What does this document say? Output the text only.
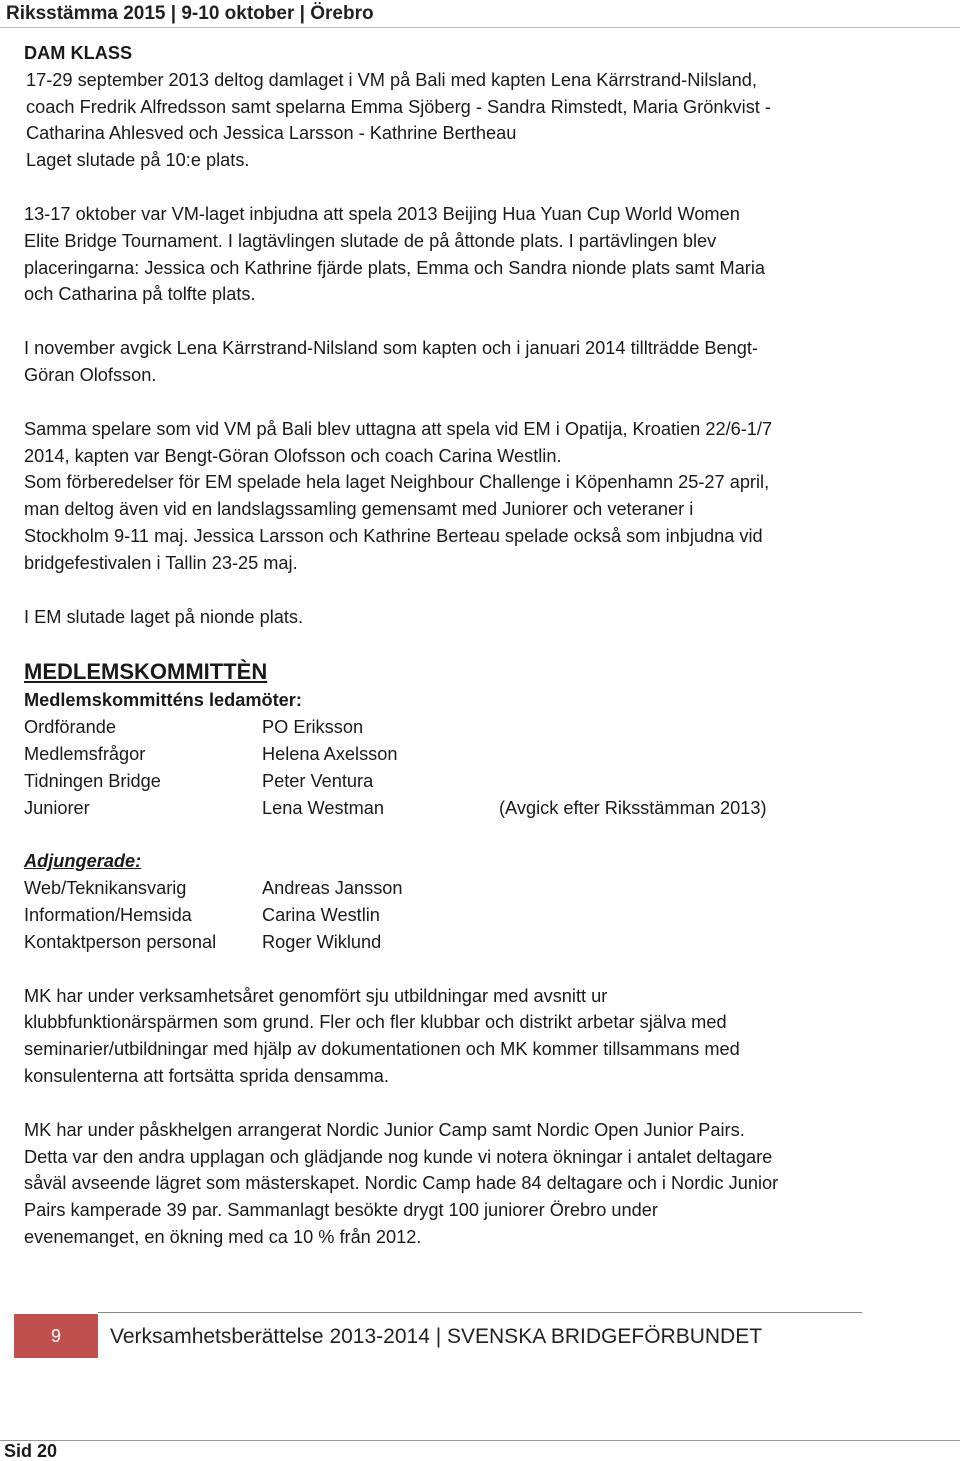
Riksstämma 2015 | 9-10 oktober | Örebro

DAM KLASS

17-29 september 2013 deltog damlaget i VM på Bali med kapten Lena Kärrstrand-Nilsland,

coach Fredrik Alfredsson samt spelarna Emma Sjöberg - Sandra Rimstedt, Maria Grönkvist -

Catharina Ahlesved och Jessica Larsson - Kathrine Bertheau

Laget slutade på 10:e plats.

13-17 oktober var VM-laget inbjudna att spela 2013 Beijing Hua Yuan Cup World Women

Elite Bridge Tournament. I lagtävlingen slutade de på åttonde plats. I partävlingen blev

placeringarna: Jessica och Kathrine fjärde plats, Emma och Sandra nionde plats samt Maria

och Catharina på tolfte plats.

I november avgick Lena Kärrstrand-Nilsland som kapten och i januari 2014 tillträdde Bengt-

Göran Olofsson.

Samma spelare som vid VM på Bali blev uttagna att spela vid EM i Opatija, Kroatien 22/6-1/7

2014, kapten var Bengt-Göran Olofsson och coach Carina Westlin.

Som förberedelser för EM spelade hela laget Neighbour Challenge i Köpenhamn 25-27 april,

man deltog även vid en landslagssamling gemensamt med Juniorer och veteraner i

Stockholm 9-11 maj. Jessica Larsson och Kathrine Berteau spelade också som inbjudna vid

bridgefestivalen i Tallin 23-25 maj.

I EM slutade laget på nionde plats.

MEDLEMSKOMMITTÈN

Medlemskommitténs ledamöter:

Ordförande	PO Eriksson
Medlemsfrågor	Helena Axelsson
Tidningen Bridge	Peter Ventura
Juniorer	Lena Westman	(Avgick efter Riksstämman 2013)

Adjungerade:

Web/Teknikansvarig	Andreas Jansson
Information/Hemsida	Carina Westlin
Kontaktperson personal	Roger Wiklund

MK har under verksamhetsåret genomfört sju utbildningar med avsnitt ur

klubbfunktionärspärmen som grund. Fler och fler klubbar och distrikt arbetar själva med

seminarier/utbildningar med hjälp av dokumentationen och MK kommer tillsammans med

konsulenterna att fortsätta sprida densamma.

MK har under påskhelgen arrangerat Nordic Junior Camp samt Nordic Open Junior Pairs.

Detta var den andra upplagan och glädjande nog kunde vi notera ökningar i antalet deltagare

såväl avseende lägret som mästerskapet. Nordic Camp hade 84 deltagare och i Nordic Junior

Pairs kamperade 39 par. Sammanlagt besökte drygt 100 juniorer Örebro under

evenemanget, en ökning med ca 10 % från 2012.

9	Verksamhetsberättelse 2013-2014 | SVENSKA BRIDGEFÖRBUNDET
Sid 20
